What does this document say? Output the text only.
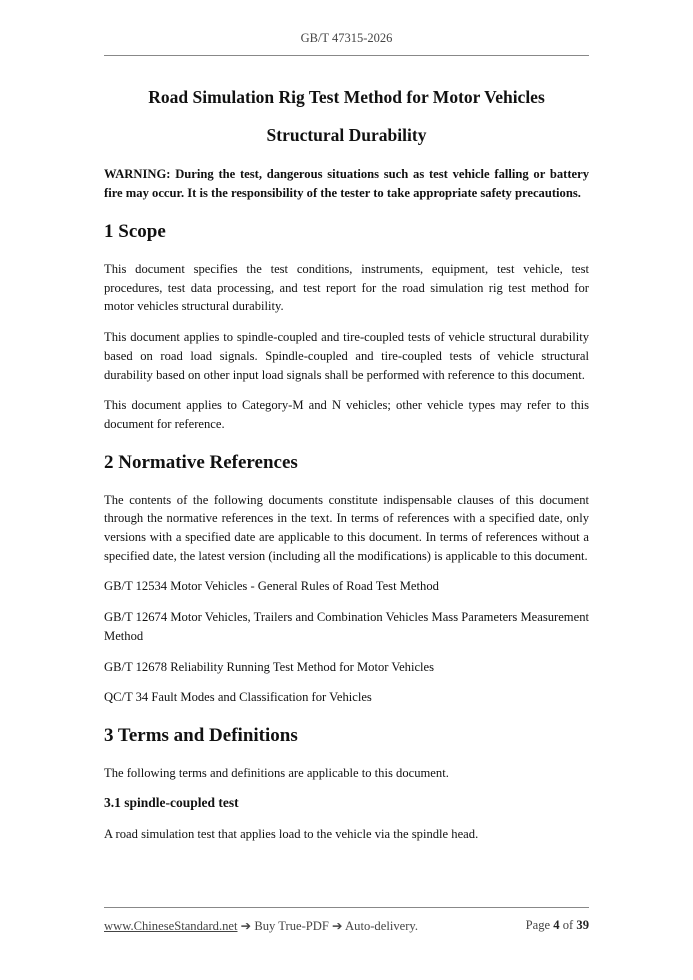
GB/T 47315-2026

Road Simulation Rig Test Method for Motor Vehicles

Structural Durability

WARNING: During the test, dangerous situations such as test vehicle falling or battery fire may occur. It is the responsibility of the tester to take appropriate safety precautions.

1 Scope

This document specifies the test conditions, instruments, equipment, test vehicle, test procedures, test data processing, and test report for the road simulation rig test method for motor vehicles structural durability.

This document applies to spindle-coupled and tire-coupled tests of vehicle structural durability based on road load signals. Spindle-coupled and tire-coupled tests of vehicle structural durability based on other input load signals shall be performed with reference to this document.

This document applies to Category-M and N vehicles; other vehicle types may refer to this document for reference.

2 Normative References

The contents of the following documents constitute indispensable clauses of this document through the normative references in the text. In terms of references with a specified date, only versions with a specified date are applicable to this document. In terms of references without a specified date, the latest version (including all the modifications) is applicable to this document.

GB/T 12534 Motor Vehicles - General Rules of Road Test Method

GB/T 12674 Motor Vehicles, Trailers and Combination Vehicles Mass Parameters Measurement Method

GB/T 12678 Reliability Running Test Method for Motor Vehicles

QC/T 34 Fault Modes and Classification for Vehicles

3 Terms and Definitions

The following terms and definitions are applicable to this document.

3.1 spindle-coupled test

A road simulation test that applies load to the vehicle via the spindle head.

www.ChineseStandard.net ➔ Buy True-PDF ➔ Auto-delivery.	Page 4 of 39
